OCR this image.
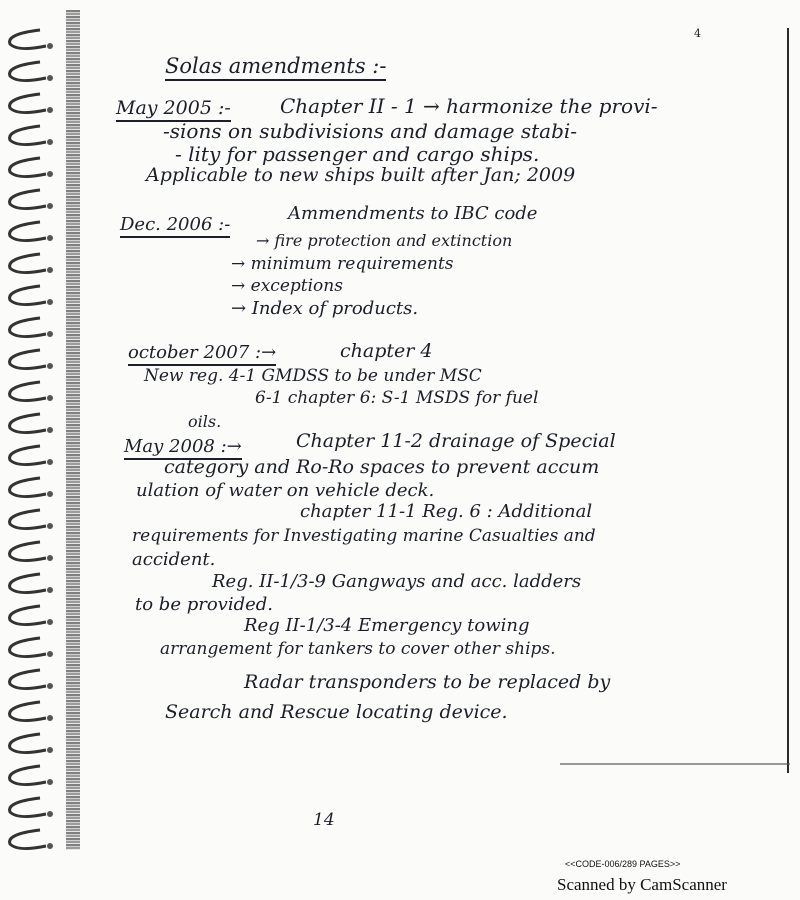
4

Solas amendments :-

May 2005 :- Chapter II - 1 → harmonize the provi-

-sions on subdivisions and damage stabi-

- lity for passenger and cargo ships.

Applicable to new ships built after Jan; 2009

Dec. 2006 :-

Ammendments to IBC code

→ fire protection and extinction

→ minimum requirements

→ exceptions

→ Index of products.

october 2007 :→	chapter 4

New reg. 4-1 GMDSS to be under MSC

6-1 chapter 6: S-1 MSDS for fuel

oils.

May 2008 :→	Chapter 11-2 drainage of Special

category and Ro-Ro spaces to prevent accum

ulation of water on vehicle deck.

chapter 11-1 Reg. 6 : Additional

requirements for Investigating marine Casualties and

accident.

Reg. II-1/3-9 Gangways and acc. ladders

to be provided.

Reg II-1/3-4 Emergency towing

arrangement for tankers to cover other ships.

Radar transponders to be replaced by

Search and Rescue locating device.

14

<<CODE-006/289 PAGES>>

Scanned by CamScanner
